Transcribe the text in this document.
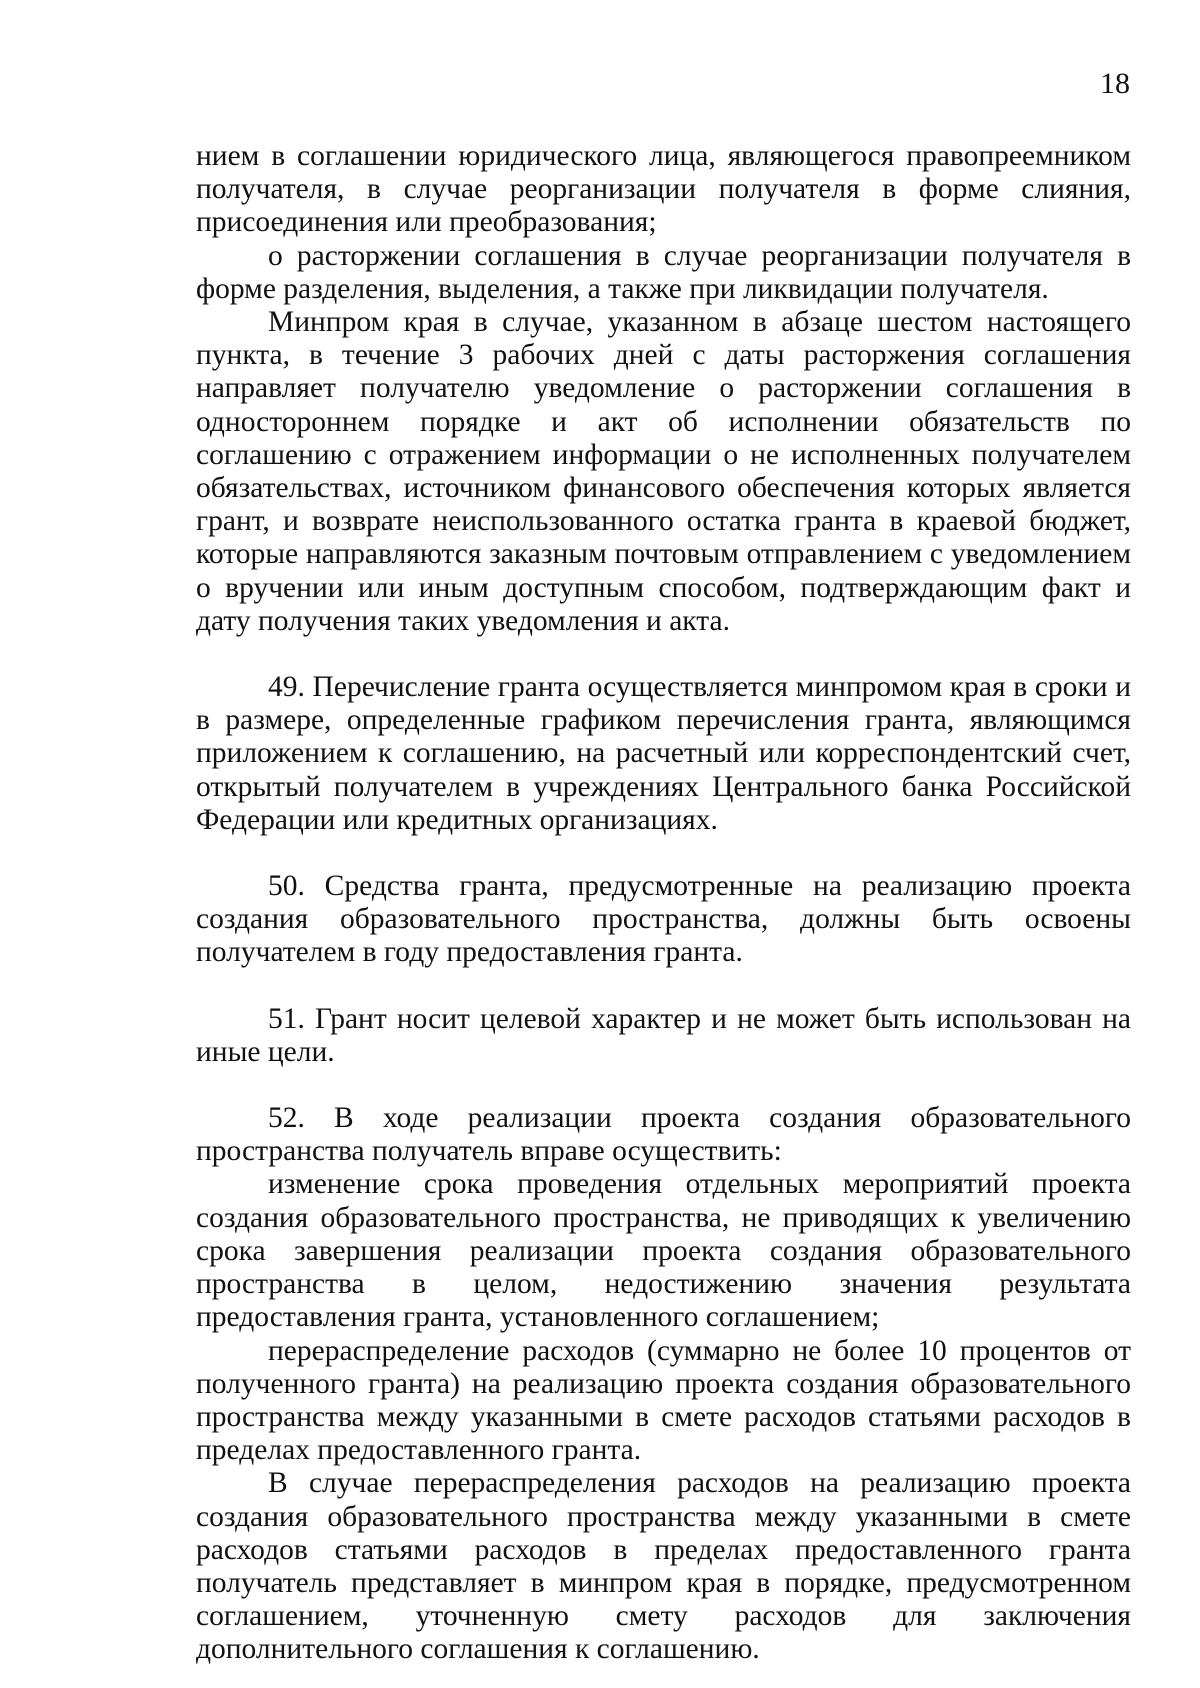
18

нием в соглашении юридического лица, являющегося правопреемником получателя, в случае реорганизации получателя в форме слияния, присоединения или преобразования;

о расторжении соглашения в случае реорганизации получателя в форме разделения, выделения, а также при ликвидации получателя.

Минпром края в случае, указанном в абзаце шестом настоящего пункта, в течение 3 рабочих дней с даты расторжения соглашения направляет получателю уведомление о расторжении соглашения в одностороннем порядке и акт об исполнении обязательств по соглашению с отражением информации о не исполненных получателем обязательствах, источником финансового обеспечения которых является грант, и возврате неиспользованного остатка гранта в краевой бюджет, которые направляются заказным почтовым отправлением с уведомлением о вручении или иным доступным способом, подтверждающим факт и дату получения таких уведомления и акта.

49. Перечисление гранта осуществляется минпромом края в сроки и в размере, определенные графиком перечисления гранта, являющимся приложением к соглашению, на расчетный или корреспондентский счет, открытый получателем в учреждениях Центрального банка Российской Федерации или кредитных организациях.

50. Средства гранта, предусмотренные на реализацию проекта создания образовательного пространства, должны быть освоены получателем в году предоставления гранта.

51. Грант носит целевой характер и не может быть использован на иные цели.

52. В ходе реализации проекта создания образовательного пространства получатель вправе осуществить:

изменение срока проведения отдельных мероприятий проекта создания образовательного пространства, не приводящих к увеличению срока завершения реализации проекта создания образовательного пространства в целом, недостижению значения результата предоставления гранта, установленного соглашением;

перераспределение расходов (суммарно не более 10 процентов от полученного гранта) на реализацию проекта создания образовательного пространства между указанными в смете расходов статьями расходов в пределах предоставленного гранта.

В случае перераспределения расходов на реализацию проекта создания образовательного пространства между указанными в смете расходов статьями расходов в пределах предоставленного гранта получатель представляет в минпром края в порядке, предусмотренном соглашением, уточненную смету расходов для заключения дополнительного соглашения к соглашению.
